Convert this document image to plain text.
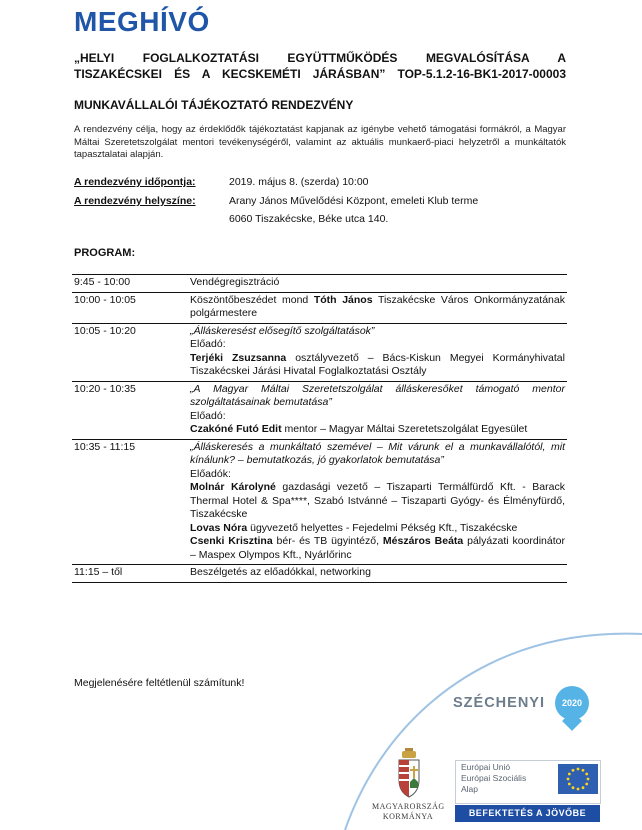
MEGHÍVÓ
„HELYI FOGLALKOZTATÁSI EGYÜTTMŰKÖDÉS MEGVALÓSÍTÁSA A
TISZAKÉCSKEI ÉS A KECSKEMÉTI JÁRÁSBAN” TOP-5.1.2-16-BK1-2017-00003
MUNKAVÁLLALÓI TÁJÉKOZTATÓ RENDEZVÉNY
A rendezvény célja, hogy az érdeklődők tájékoztatást kapjanak az igénybe vehető támogatási formákról, a Magyar Máltai Szeretetszolgálat mentori tevékenységéről, valamint az aktuális munkaerő-piaci helyzetről a munkáltatók tapasztalatai alapján.
A rendezvény időpontja:	2019. május 8. (szerda) 10:00
A rendezvény helyszíne:	Arany János Művelődési Központ, emeleti Klub terme
6060 Tiszakécske, Béke utca 140.
PROGRAM:
9:45 - 10:00	Vendégregisztráció
10:00 - 10:05	Köszöntőbeszédet mond Tóth János Tiszakécske Város Onkormányzatának polgármestere
10:05 - 10:20	„Álláskeresést elősegítő szolgáltatások”
Előadó:
Terjéki Zsuzsanna osztályvezető – Bács-Kiskun Megyei Kormányhivatal Tiszakécskei Járási Hivatal Foglalkoztatási Osztály

10:20 - 10:35	„A Magyar Máltai Szeretetszolgálat álláskeresőket támogató mentor szolgáltatásainak bemutatása”
Előadó:
Czakóné Futó Edit mentor – Magyar Máltai Szeretetszolgálat Egyesület

10:35 - 11:15	„Álláskeresés a munkáltató szemével – Mit várunk el a munkavállalótól, mit kínálunk? – bemutatkozás, jó gyakorlatok bemutatása”
Előadók:
Molnár Károlyné gazdasági vezető – Tiszaparti Termálfürdő Kft. - Barack Thermal Hotel & Spa****, Szabó Istvánné – Tiszaparti Gyógy- és Élményfürdő, Tiszakécske
Lovas Nóra ügyvezető helyettes - Fejedelmi Pékség Kft., Tiszakécske
Csenki Krisztina bér- és TB ügyintéző, Mészáros Beáta pályázati koordinátor – Maspex Olympos Kft., Nyárlőrinc

11:15 – től	Beszélgetés az előadókkal, networking
Megjelenésére feltétlenül számítunk!
SZÉCHENYI	2020
MAGYARORSZÁG
KORMÁNYA
Európai Unió
Európai Szociális
Alap
BEFEKTETÉS A JÖVŐBE
